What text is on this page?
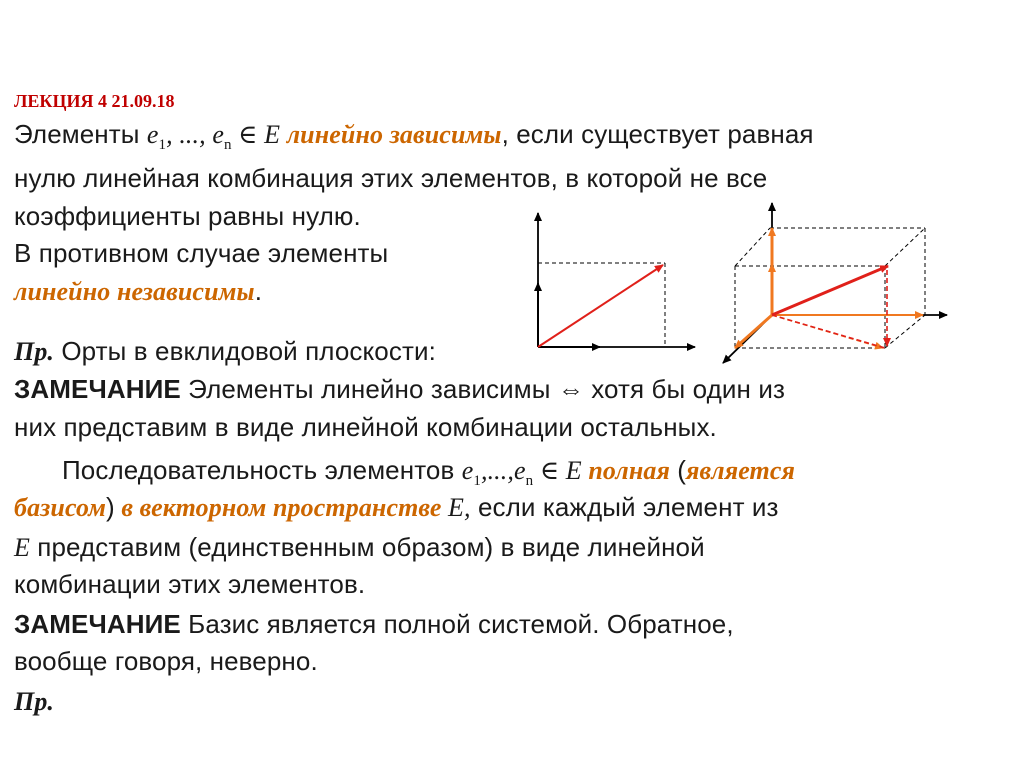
ЛЕКЦИЯ 4 21.09.18
Элементы $e_1$, ..., $e_n$ ∈ E линейно зависимы, если существует равная
нулю линейная комбинация этих элементов, в которой не все
коэффициенты равны нулю.
В противном случае элементы
линейно независимы.
Пр. Орты в евклидовой плоскости:
ЗАМЕЧАНИЕ Элементы линейно зависимы ⇔ хотя бы один из
них представим в виде линейной комбинации остальных.
Последовательность элементов $e_1,...,e_n$ ∈ E полная (является
базисом) в векторном пространстве E, если каждый элемент из
E представим (единственным образом) в виде линейной
комбинации этих элементов.
ЗАМЕЧАНИЕ Базис является полной системой. Обратное,
вообще говоря, неверно.
Пр.
